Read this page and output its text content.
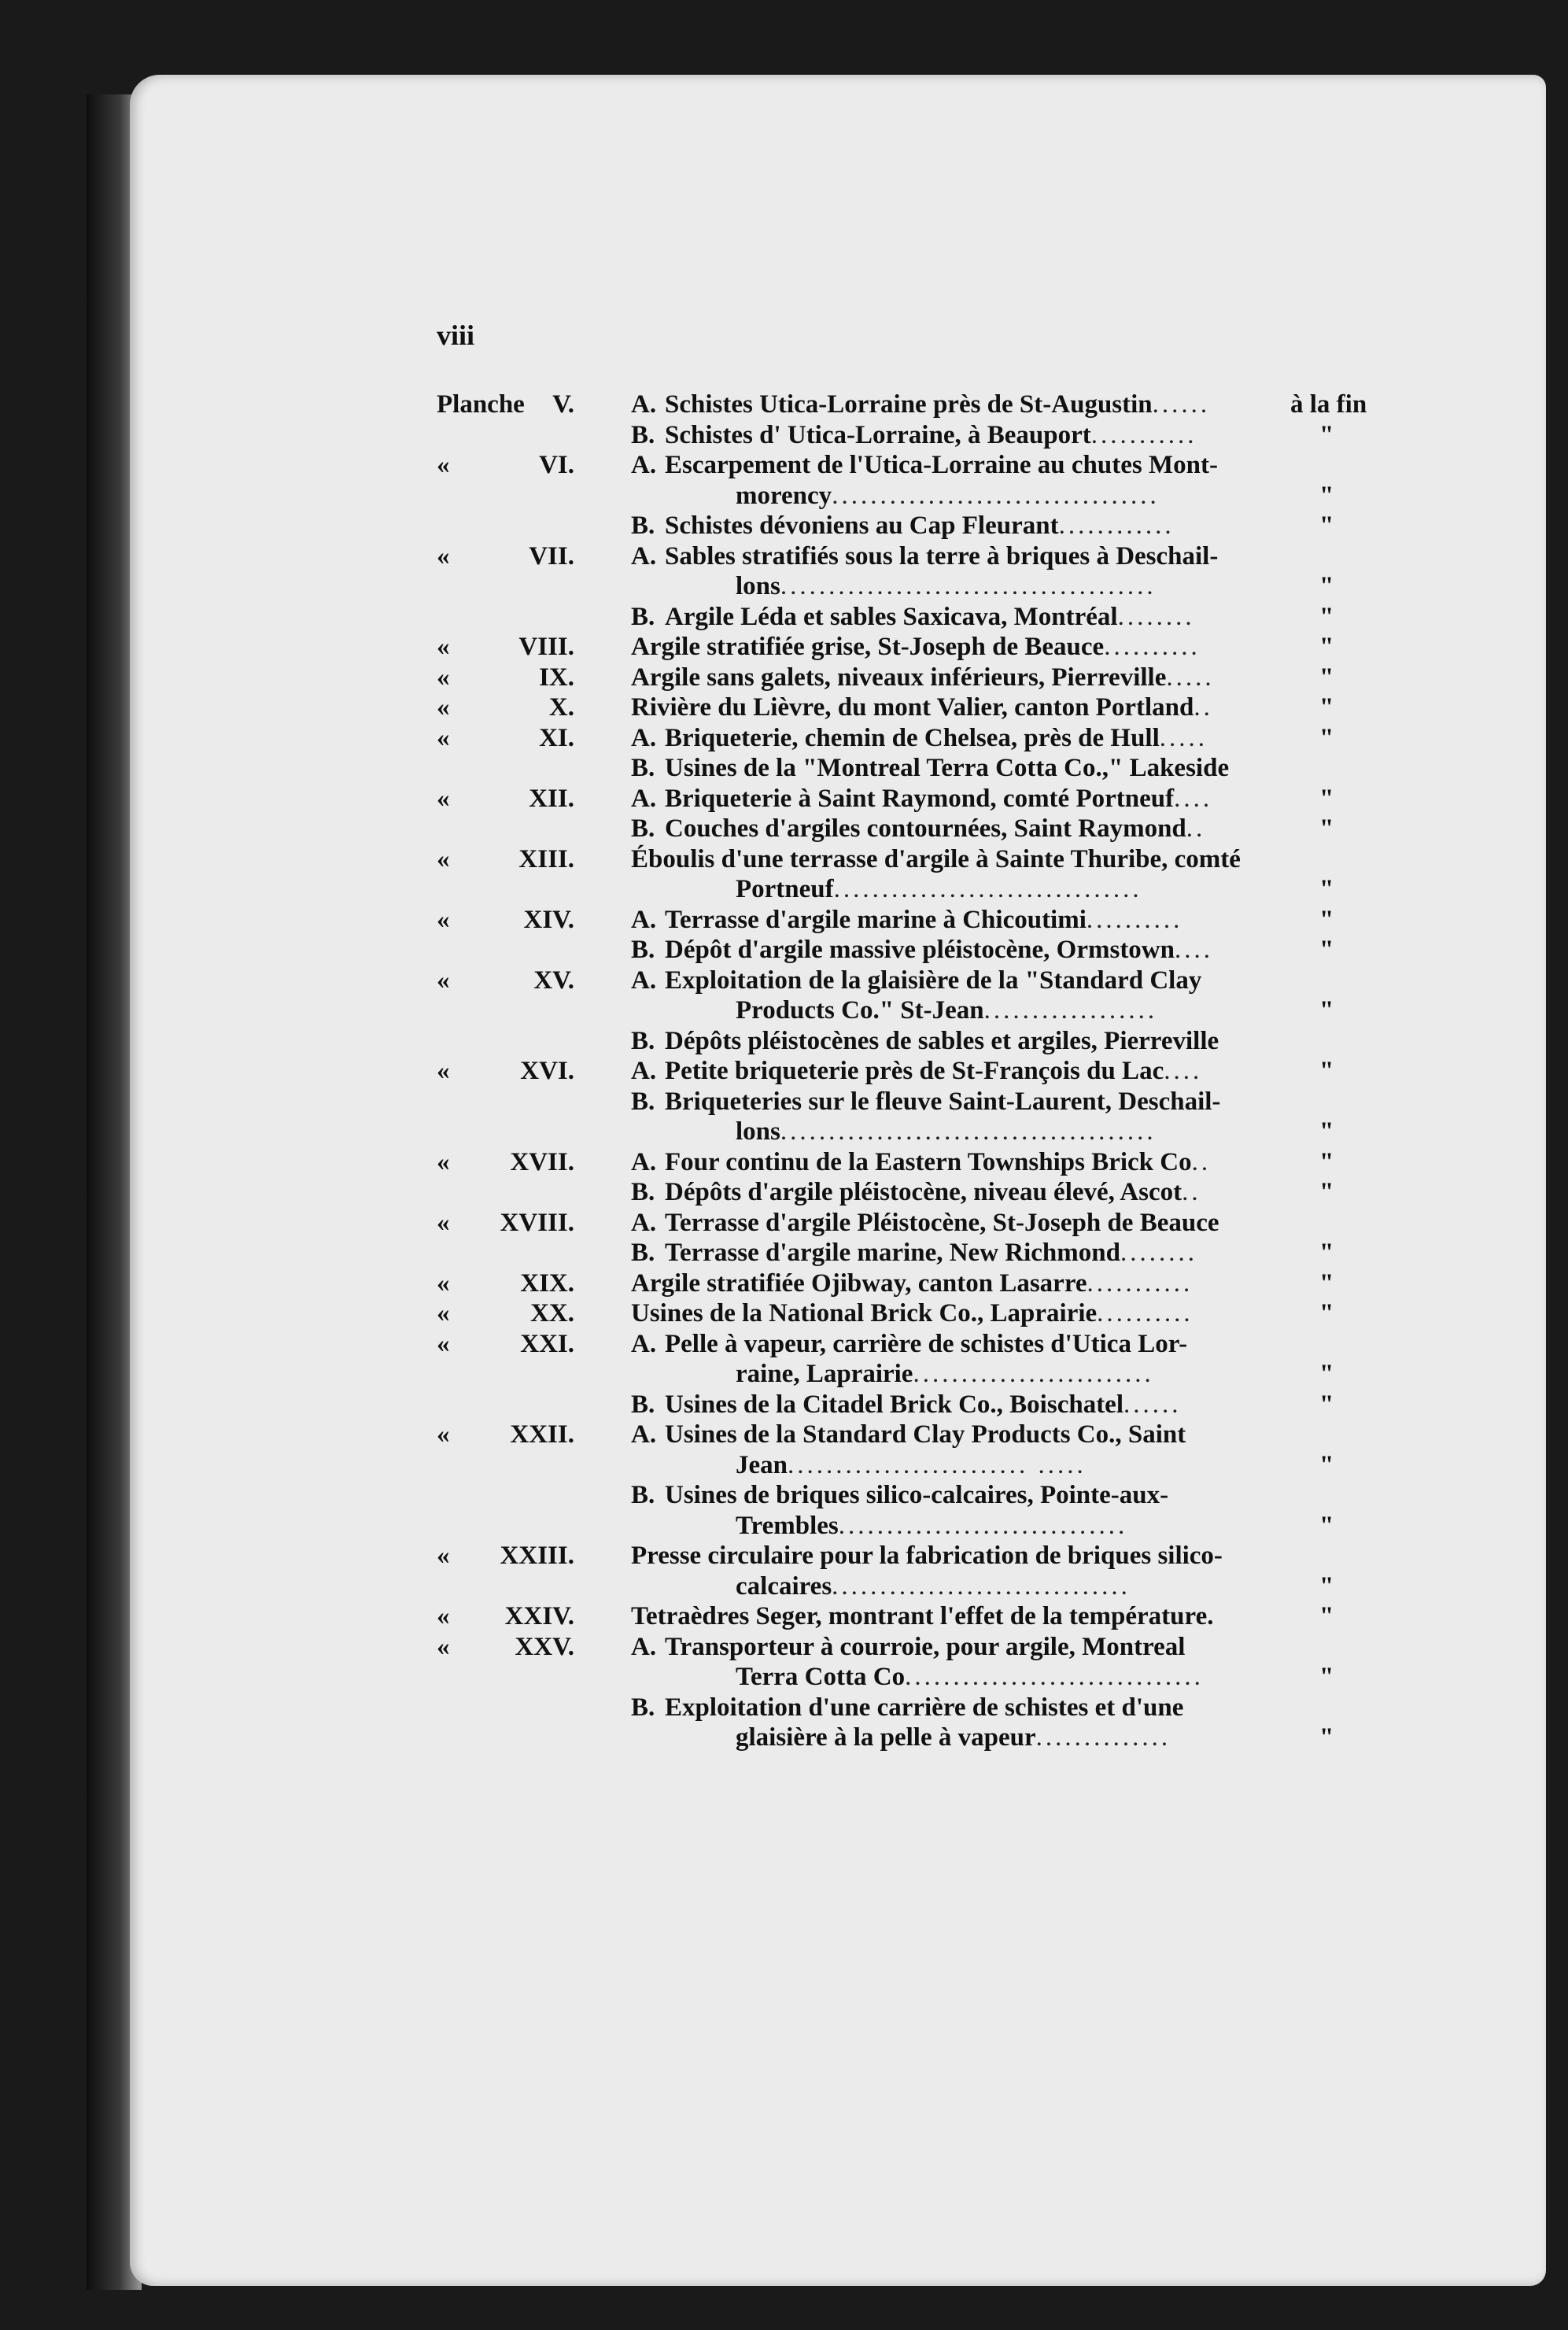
viii
Planche V. A. Schistes Utica-Lorraine près de St-Augustin......	à la fin
B. Schistes d' Utica-Lorraine, à Beauport...........	"
«	VI. A. Escarpement de l'Utica-Lorraine au chutes Mont-
morency..................................	"
B. Schistes dévoniens au Cap Fleurant............	"
«	VII. A. Sables stratifiés sous la terre à briques à Deschail-
lons.......................................	"
B. Argile Léda et sables Saxicava, Montréal........	"
«	VIII. Argile stratifiée grise, St-Joseph de Beauce..........	"
«	IX. Argile sans galets, niveaux inférieurs, Pierreville.....	"
«	X. Rivière du Lièvre, du mont Valier, canton Portland..	"
«	XI. A. Briqueterie, chemin de Chelsea, près de Hull.....	"
B. Usines de la "Montreal Terra Cotta Co.," Lakeside
«	XII. A. Briqueterie à Saint Raymond, comté Portneuf....	"
B. Couches d'argiles contournées, Saint Raymond..	"
«	XIII. Éboulis d'une terrasse d'argile à Sainte Thuribe, comté
Portneuf................................	"
«	XIV. A. Terrasse d'argile marine à Chicoutimi..........	"
B. Dépôt d'argile massive pléistocène, Ormstown....	"
«	XV. A. Exploitation de la glaisière de la "Standard Clay
Products Co." St-Jean..................	"
B. Dépôts pléistocènes de sables et argiles, Pierreville
«	XVI. A. Petite briqueterie près de St-François du Lac....	"
B. Briqueteries sur le fleuve Saint-Laurent, Deschail-
lons.......................................	"
« XVII. A. Four continu de la Eastern Townships Brick Co..	"
B. Dépôts d'argile pléistocène, niveau élevé, Ascot..	"
« XVIII. A. Terrasse d'argile Pléistocène, St-Joseph de Beauce
B. Terrasse d'argile marine, New Richmond........	"
«	XIX. Argile stratifiée Ojibway, canton Lasarre...........	"
«	XX. Usines de la National Brick Co., Laprairie..........	"
«	XXI. A. Pelle à vapeur, carrière de schistes d'Utica Lor-
raine, Laprairie.........................	"
B. Usines de la Citadel Brick Co., Boischatel......	"
« XXII. A. Usines de la Standard Clay Products Co., Saint
Jean......................... .....	"
B. Usines de briques silico-calcaires, Pointe-aux-
Trembles..............................	"
« XXIII. Presse circulaire pour la fabrication de briques silico-
calcaires...............................	"
« XXIV. Tetraèdres Seger, montrant l'effet de la température.	"
«	XXV. A. Transporteur à courroie, pour argile, Montreal
Terra Cotta Co...............................	"
B. Exploitation d'une carrière de schistes et d'une
glaisière à la pelle à vapeur..............	"
